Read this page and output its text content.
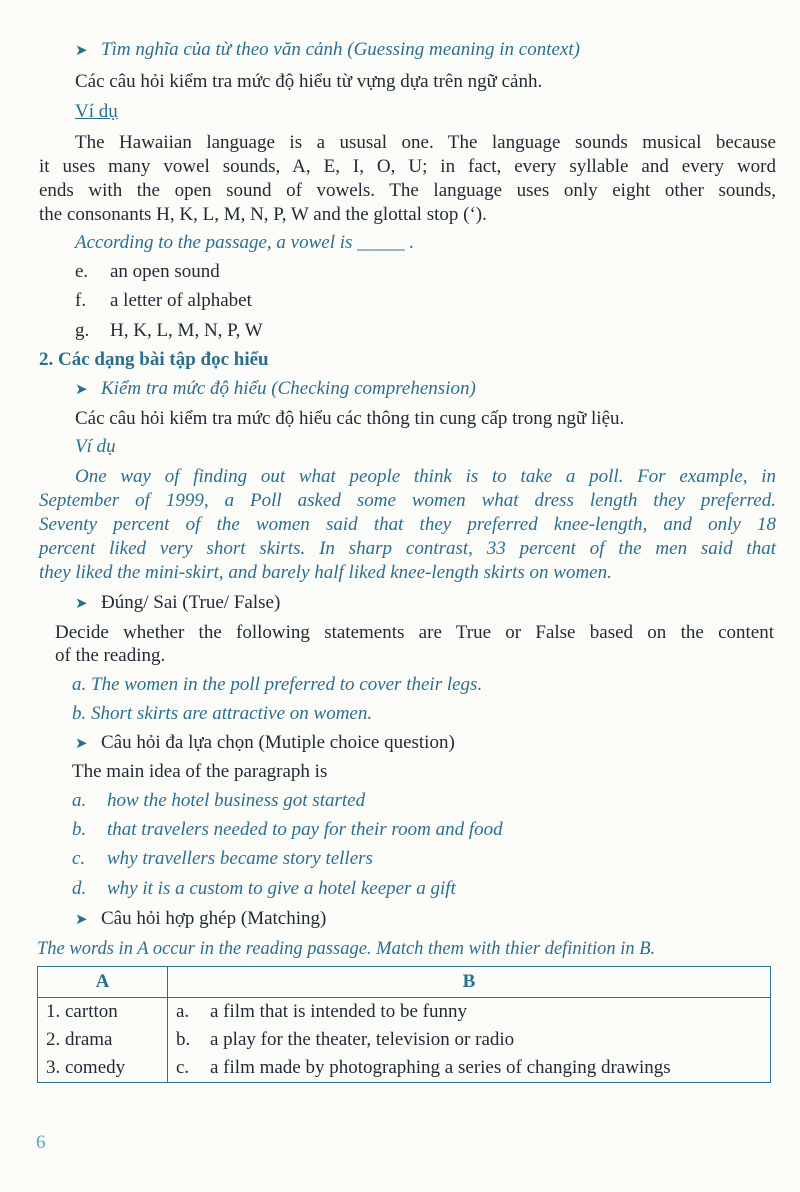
➤ Tìm nghĩa của từ theo văn cảnh (Guessing meaning in context)
Các câu hỏi kiểm tra mức độ hiểu từ vựng dựa trên ngữ cảnh.
Ví dụ
The Hawaiian language is a ususal one. The language sounds musical because
it uses many vowel sounds, A, E, I, O, U; in fact, every syllable and every word
ends with the open sound of vowels. The language uses only eight other sounds,
the consonants H, K, L, M, N, P, W and the glottal stop (‘).
According to the passage, a vowel is _____ .
e. an open sound
f. a letter of alphabet
g. H, K, L, M, N, P, W
2. Các dạng bài tập đọc hiểu
➤ Kiểm tra mức độ hiểu (Checking comprehension)
Các câu hỏi kiểm tra mức độ hiểu các thông tin cung cấp trong ngữ liệu.
Ví dụ
One way of finding out what people think is to take a poll. For example, in
September of 1999, a Poll asked some women what dress length they preferred.
Seventy percent of the women said that they preferred knee-length, and only 18
percent liked very short skirts. In sharp contrast, 33 percent of the men said that
they liked the mini-skirt, and barely half liked knee-length skirts on women.
➤ Đúng/ Sai (True/ False)
Decide whether the following statements are True or False based on the content
of the reading.
a. The women in the poll preferred to cover their legs.
b. Short skirts are attractive on women.
➤ Câu hỏi đa lựa chọn (Mutiple choice question)
The main idea of the paragraph is
a. how the hotel business got started
b. that travelers needed to pay for their room and food
c. why travellers became story tellers
d. why it is a custom to give a hotel keeper a gift
➤ Câu hỏi hợp ghép (Matching)
The words in A occur in the reading passage. Match them with thier definition in B.
A	B
1. cartton	a. a film that is intended to be funny
2. drama	b. a play for the theater, television or radio
3. comedy	c. a film made by photographing a series of changing drawings
6
